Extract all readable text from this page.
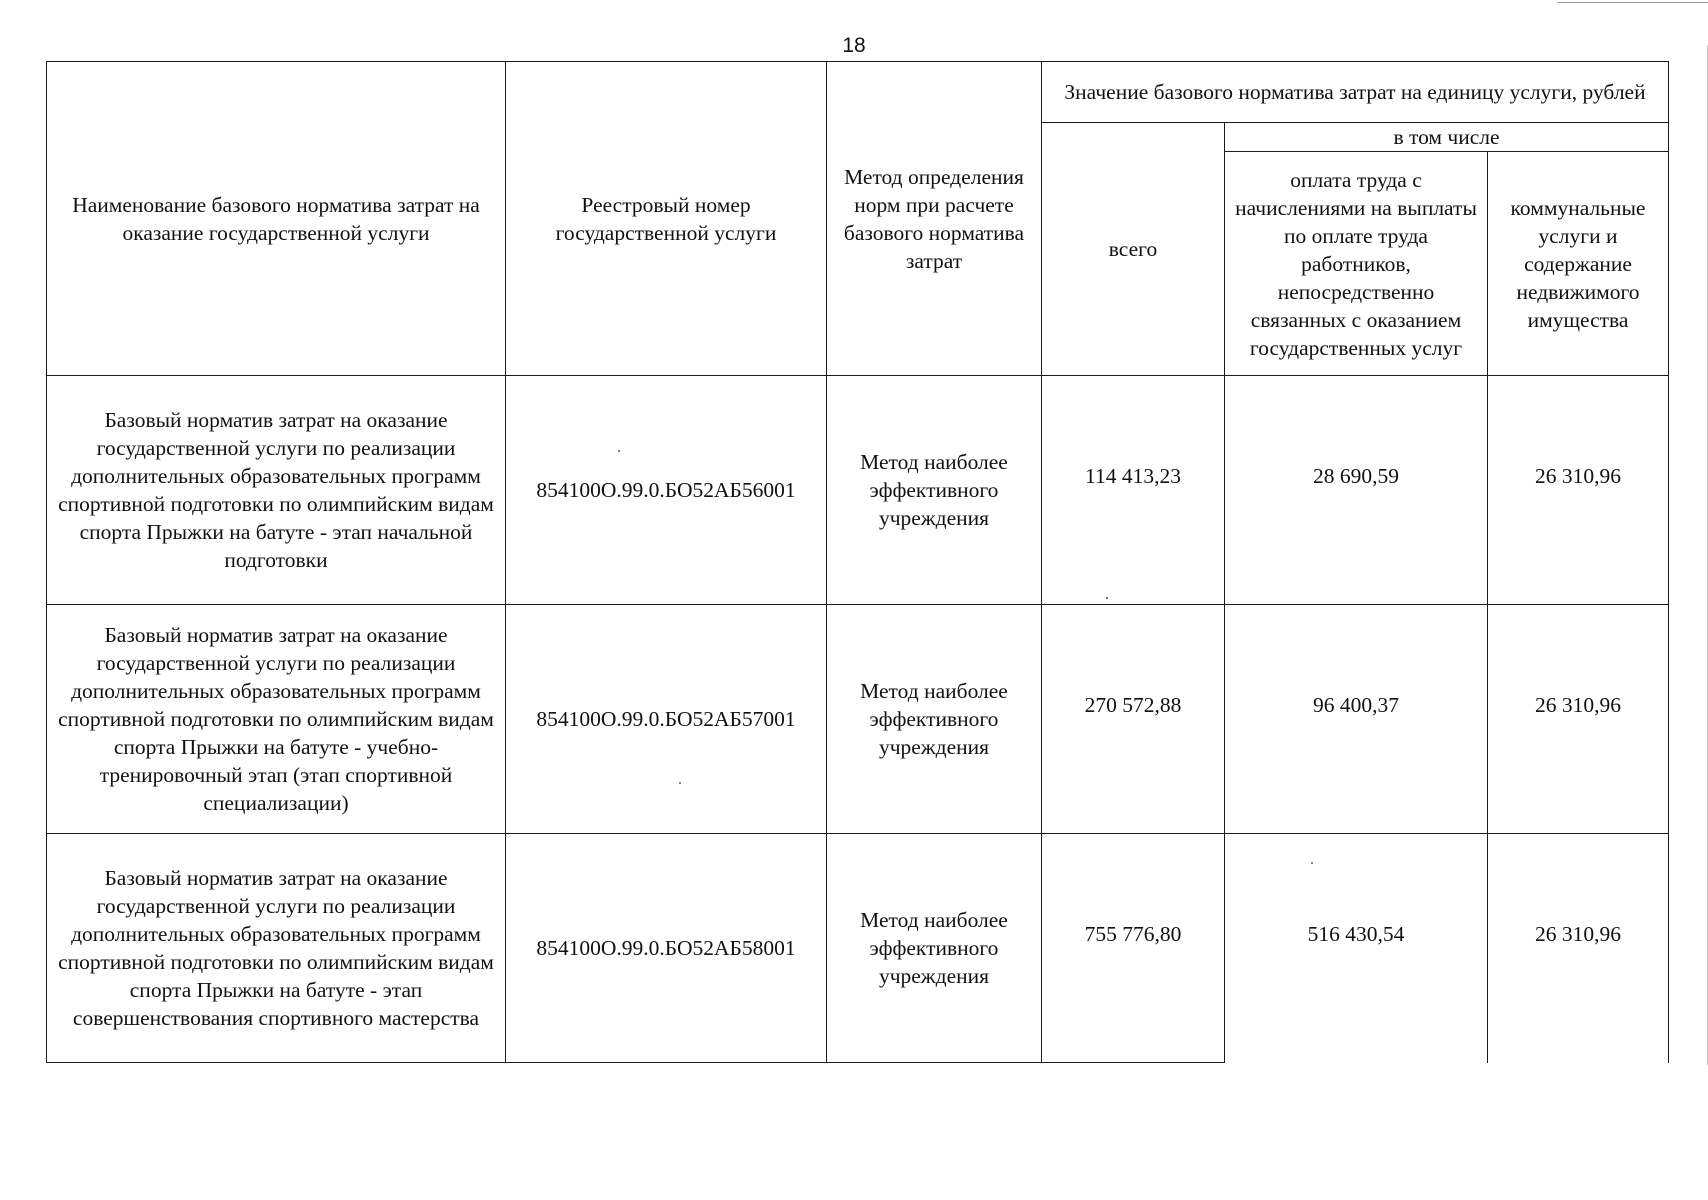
18
Наименование базового норматива затрат на оказание государственной услуги	Реестровый номер государственной услуги	Метод определения норм при расчете базового норматива затрат	Значение базового норматива затрат на единицу услуги, рублей		
			всего	в том числе	
				оплата труда с начислениями на выплаты по оплате труда работников, непосредственно связанных с оказанием государственных услуг	коммунальные услуги и содержание недвижимого имущества
Базовый норматив затрат на оказание государственной услуги по реализации дополнительных образовательных программ спортивной подготовки по олимпийским видам спорта Прыжки на батуте - этап начальной подготовки	854100О.99.0.БО52АБ56001	Метод наиболее эффективного учреждения	114 413,23	28 690,59	26 310,96
Базовый норматив затрат на оказание государственной услуги по реализации дополнительных образовательных программ спортивной подготовки по олимпийским видам спорта Прыжки на батуте - учебно-тренировочный этап (этап спортивной специализации)	854100О.99.0.БО52АБ57001	Метод наиболее эффективного учреждения	270 572,88	96 400,37	26 310,96
Базовый норматив затрат на оказание государственной услуги по реализации дополнительных образовательных программ спортивной подготовки по олимпийским видам спорта Прыжки на батуте - этап совершенствования спортивного мастерства	854100О.99.0.БО52АБ58001	Метод наиболее эффективного учреждения	755 776,80	516 430,54	26 310,96
